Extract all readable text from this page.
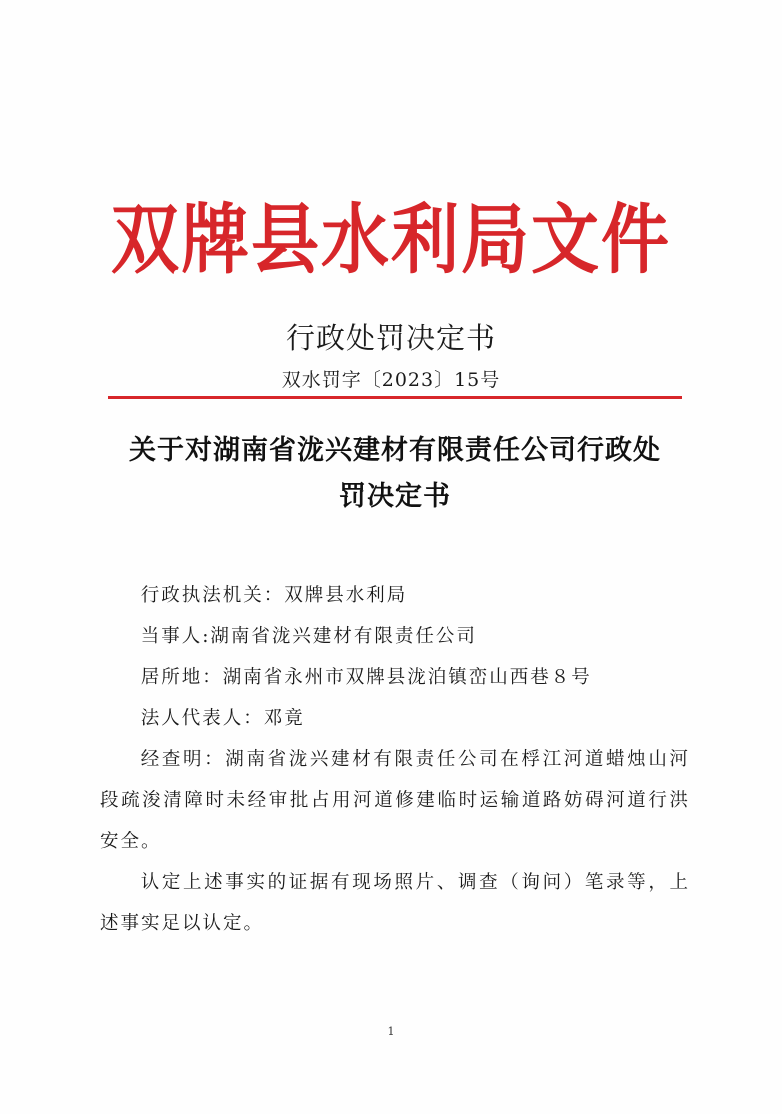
双牌县水利局文件
行政处罚决定书
双水罚字〔2023〕15号
关于对湖南省泷兴建材有限责任公司行政处
罚决定书

行政执法机关：双牌县水利局

当事人:湖南省泷兴建材有限责任公司

居所地：湖南省永州市双牌县泷泊镇峦山西巷８号

法人代表人：邓竟

经查明：湖南省泷兴建材有限责任公司在桴江河道蜡烛山河段疏浚清障时未经审批占用河道修建临时运输道路妨碍河道行洪安全。

认定上述事实的证据有现场照片、调查（询问）笔录等，上述事实足以认定。

1
